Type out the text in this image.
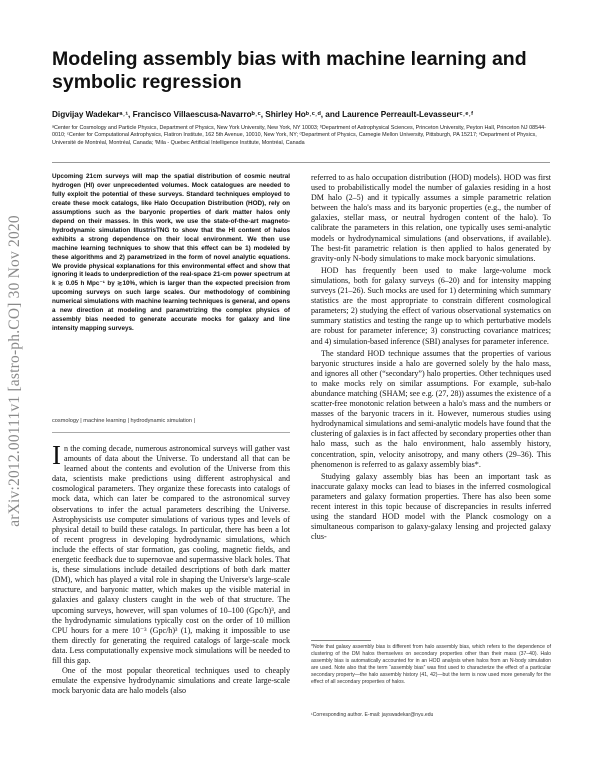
arXiv:2012.00111v1 [astro-ph.CO] 30 Nov 2020
Modeling assembly bias with machine learning and symbolic regression
Digvijay Wadekarᵃ˒¹, Francisco Villaescusa-Navarroᵇ˒ᶜ, Shirley Hoᵇ˒ᶜ˒ᵈ, and Laurence Perreault-Levasseurᶜ˒ᵉ˒ᶠ
ᵃCenter for Cosmology and Particle Physics, Department of Physics, New York University, New York, NY 10003; ᵇDepartment of Astrophysical Sciences, Princeton University, Peyton Hall, Princeton NJ 08544-0010; ᶜCenter for Computational Astrophysics, Flatiron Institute, 162 5th Avenue, 10010, New York, NY; ᵈDepartment of Physics, Carnegie Mellon University, Pittsburgh, PA 15217; ᵉDepartment of Physics, Université de Montréal, Montréal, Canada; ᶠMila - Quebec Artificial Intelligence Institute, Montréal, Canada
Upcoming 21cm surveys will map the spatial distribution of cosmic neutral hydrogen (HI) over unprecedented volumes. Mock catalogues are needed to fully exploit the potential of these surveys. Standard techniques employed to create these mock catalogs, like Halo Occupation Distribution (HOD), rely on assumptions such as the baryonic properties of dark matter halos only depend on their masses. In this work, we use the state-of-the-art magneto-hydrodynamic simulation IllustrisTNG to show that the HI content of halos exhibits a strong dependence on their local environment. We then use machine learning techniques to show that this effect can be 1) modeled by these algorithms and 2) parametrized in the form of novel analytic equations. We provide physical explanations for this environmental effect and show that ignoring it leads to underprediction of the real-space 21-cm power spectrum at k ≳ 0.05 h Mpc⁻¹ by ≳10%, which is larger than the expected precision from upcoming surveys on such large scales. Our methodology of combining numerical simulations with machine learning techniques is general, and opens a new direction at modeling and parametrizing the complex physics of assembly bias needed to generate accurate mocks for galaxy and line intensity mapping surveys.
cosmology | machine learning | hydrodynamic simulation |

In the coming decade, numerous astronomical surveys will gather vast amounts of data about the Universe. To understand all that can be learned about the contents and evolution of the Universe from this data, scientists make predictions using different astrophysical and cosmological parameters. They organize these forecasts into catalogs of mock data, which can later be compared to the astronomical survey observations to infer the actual parameters describing the Universe. Astrophysicists use computer simulations of various types and levels of physical detail to build these catalogs. In particular, there has been a lot of recent progress in developing hydrodynamic simulations, which include the effects of star formation, gas cooling, magnetic fields, and energetic feedback due to supernovae and supermassive black holes. That is, these simulations include detailed descriptions of both dark matter (DM), which has played a vital role in shaping the Universe's large-scale structure, and baryonic matter, which makes up the visible material in galaxies and galaxy clusters caught in the web of that structure. The upcoming surveys, however, will span volumes of 10–100 (Gpc/h)³, and the hydrodynamic simulations typically cost on the order of 10 million CPU hours for a mere 10⁻³ (Gpc/h)³ (1), making it impossible to use them directly for generating the required catalogs of large-scale mock data. Less computationally expensive mock simulations will be needed to fill this gap.

One of the most popular theoretical techniques used to cheaply emulate the expensive hydrodynamic simulations and create large-scale mock baryonic data are halo models (also

referred to as halo occupation distribution (HOD) models). HOD was first used to probabilistically model the number of galaxies residing in a host DM halo (2–5) and it typically assumes a simple parametric relation between the halo's mass and its baryonic properties (e.g., the number of galaxies, stellar mass, or neutral hydrogen content of the halo). To calibrate the parameters in this relation, one typically uses semi-analytic models or hydrodynamical simulations (and observations, if available). The best-fit parametric relation is then applied to halos generated by gravity-only N-body simulations to make mock baryonic simulations.

HOD has frequently been used to make large-volume mock simulations, both for galaxy surveys (6–20) and for intensity mapping surveys (21–26). Such mocks are used for 1) determining which summary statistics are the most appropriate to constrain different cosmological parameters; 2) studying the effect of various observational systematics on summary statistics and testing the range up to which perturbative models are robust for parameter inference; 3) constructing covariance matrices; and 4) simulation-based inference (SBI) analyses for parameter inference.

The standard HOD technique assumes that the properties of various baryonic structures inside a halo are governed solely by the halo mass, and ignores all other (“secondary”) halo properties. Other techniques used to make mocks rely on similar assumptions. For example, sub-halo abundance matching (SHAM; see e.g. (27, 28)) assumes the existence of a scatter-free monotonic relation between a halo's mass and the numbers or masses of the baryonic tracers in it. However, numerous studies using hydrodynamical simulations and semi-analytic models have found that the clustering of galaxies is in fact affected by secondary properties other than halo mass, such as the halo environment, halo assembly history, concentration, spin, velocity anisotropy, and many others (29–36). This phenomenon is referred to as galaxy assembly bias*.

Studying galaxy assembly bias has been an important task as inaccurate galaxy mocks can lead to biases in the inferred cosmological parameters and galaxy formation properties. There has also been some recent interest in this topic because of discrepancies in results inferred using the standard HOD model with the Planck cosmology on a simultaneous comparison to galaxy-galaxy lensing and projected galaxy clus-

*Note that galaxy assembly bias is different from halo assembly bias, which refers to the dependence of clustering of the DM halos themselves on secondary properties other than their mass (37–40). Halo assembly bias is automatically accounted for in an HOD analysis when halos from an N-body simulation are used. Note also that the term “assembly bias” was first used to characterize the effect of a particular secondary property—the halo assembly history (41, 42)—but the term is now used more generally for the effect of all secondary properties of halos.
¹Corresponding author. E-mail: jayswadekar@nyu.edu
